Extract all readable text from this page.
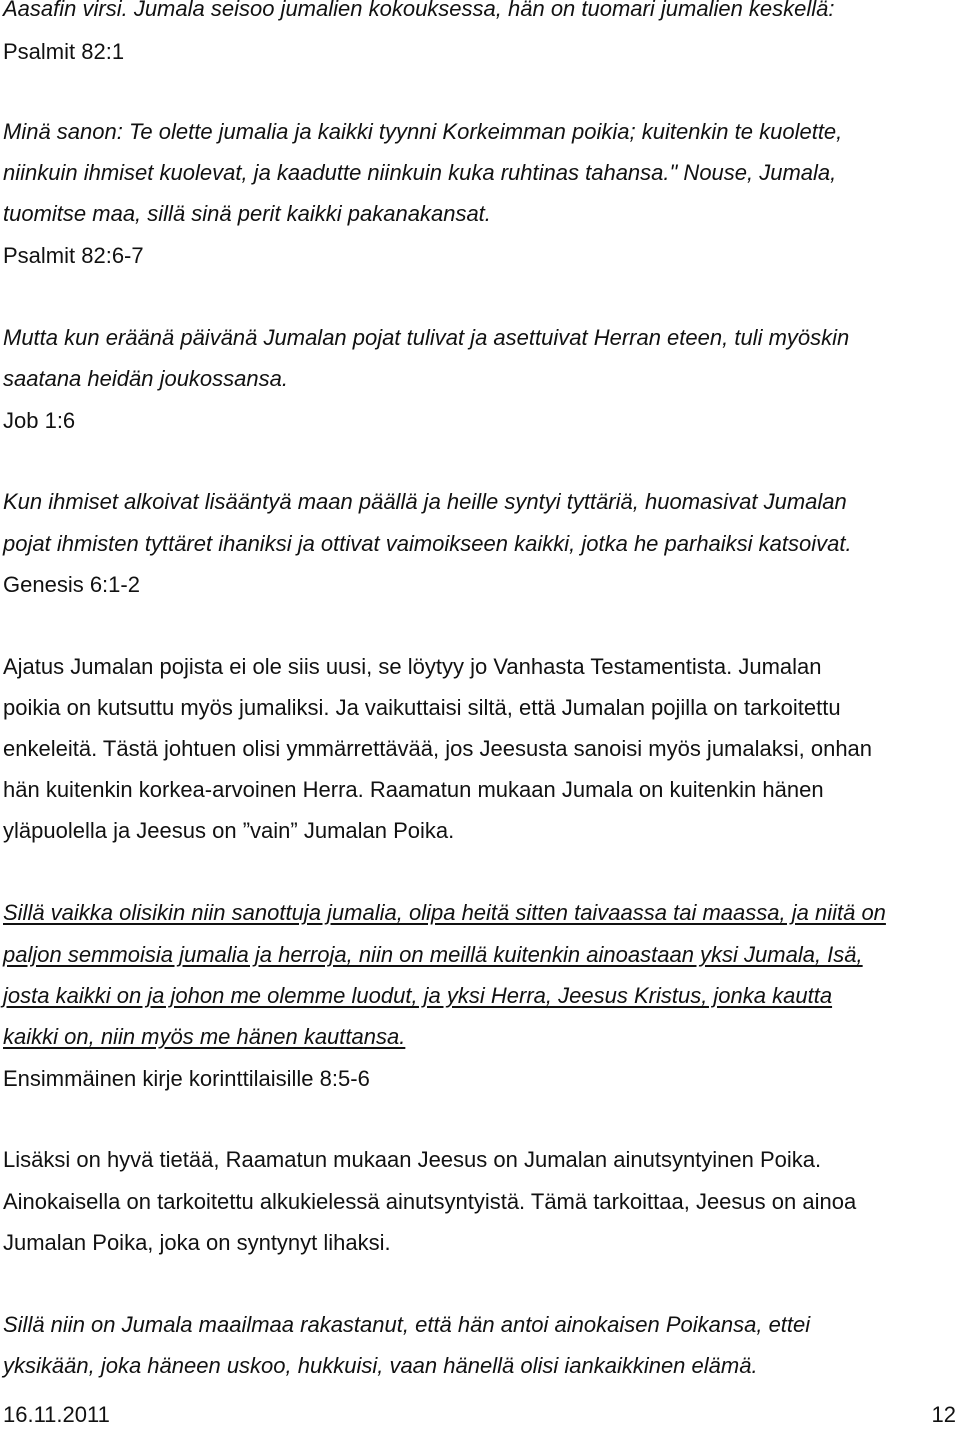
Aasafin virsi. Jumala seisoo jumalien kokouksessa, hän on tuomari jumalien keskellä:
Psalmit 82:1
Minä sanon: Te olette jumalia ja kaikki tyynni Korkeimman poikia; kuitenkin te kuolette,
niinkuin ihmiset kuolevat, ja kaadutte niinkuin kuka ruhtinas tahansa." Nouse, Jumala,
tuomitse maa, sillä sinä perit kaikki pakanakansat.
Psalmit 82:6-7
Mutta kun eräänä päivänä Jumalan pojat tulivat ja asettuivat Herran eteen, tuli myöskin
saatana heidän joukossansa.
Job 1:6
Kun ihmiset alkoivat lisääntyä maan päällä ja heille syntyi tyttäriä, huomasivat Jumalan
pojat ihmisten tyttäret ihaniksi ja ottivat vaimoikseen kaikki, jotka he parhaiksi katsoivat.
Genesis 6:1-2
Ajatus Jumalan pojista ei ole siis uusi, se löytyy jo Vanhasta Testamentista. Jumalan
poikia on kutsuttu myös jumaliksi. Ja vaikuttaisi siltä, että Jumalan pojilla on tarkoitettu
enkeleitä. Tästä johtuen olisi ymmärrettävää, jos Jeesusta sanoisi myös jumalaksi, onhan
hän kuitenkin korkea-arvoinen Herra. Raamatun mukaan Jumala on kuitenkin hänen
yläpuolella ja Jeesus on ”vain” Jumalan Poika.
Sillä vaikka olisikin niin sanottuja jumalia, olipa heitä sitten taivaassa tai maassa, ja niitä on
paljon semmoisia jumalia ja herroja, niin on meillä kuitenkin ainoastaan yksi Jumala, Isä,
josta kaikki on ja johon me olemme luodut, ja yksi Herra, Jeesus Kristus, jonka kautta
kaikki on, niin myös me hänen kauttansa.
Ensimmäinen kirje korinttilaisille 8:5-6
Lisäksi on hyvä tietää, Raamatun mukaan Jeesus on Jumalan ainutsyntyinen Poika.
Ainokaisella on tarkoitettu alkukielessä ainutsyntyistä. Tämä tarkoittaa, Jeesus on ainoa
Jumalan Poika, joka on syntynyt lihaksi.
Sillä niin on Jumala maailmaa rakastanut, että hän antoi ainokaisen Poikansa, ettei
yksikään, joka häneen uskoo, hukkuisi, vaan hänellä olisi iankaikkinen elämä.
16.11.2011	12
